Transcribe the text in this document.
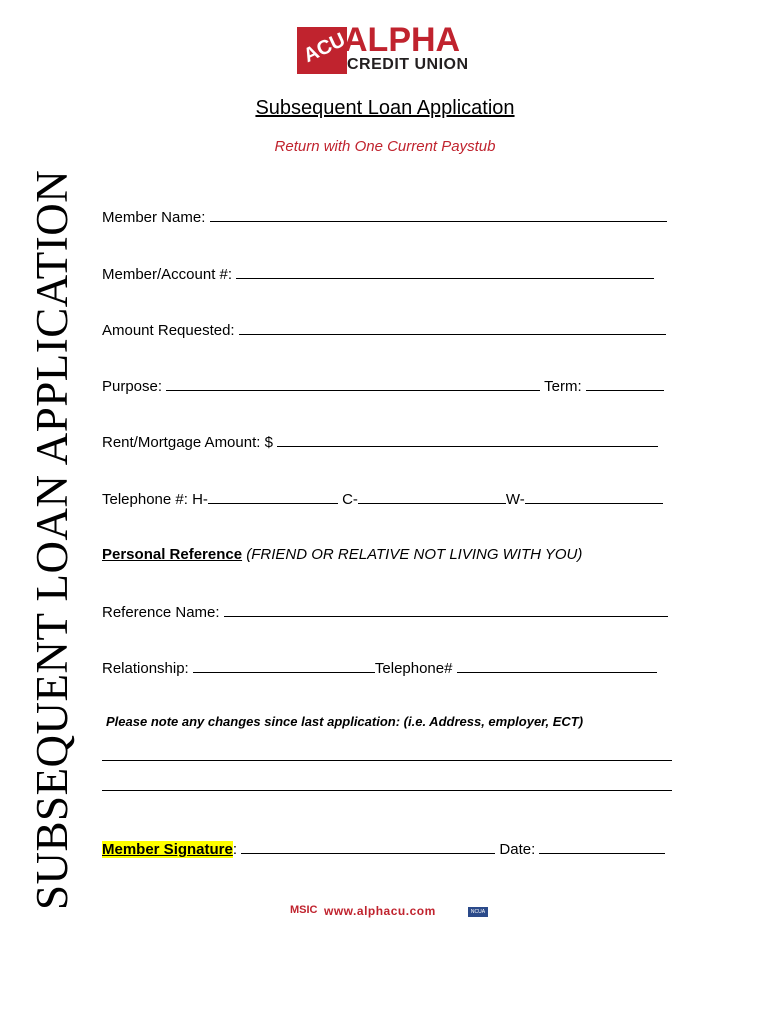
SUBSEQUENT LOAN APPLICATION
ACU
ALPHA
CREDIT UNION
Subsequent Loan Application
Return with One Current Paystub
Member Name:
Member/Account #:
Amount Requested:
Purpose:	Term:
Rent/Mortgage Amount: $
Telephone #: H-	C-	W-
Personal Reference (FRIEND OR RELATIVE NOT LIVING WITH YOU)
Reference Name:
Relationship:	Telephone#
Please note any changes since last application: (i.e. Address, employer, ECT)
Member Signature:	Date:
MSIC www.alphacu.com	NCUA
